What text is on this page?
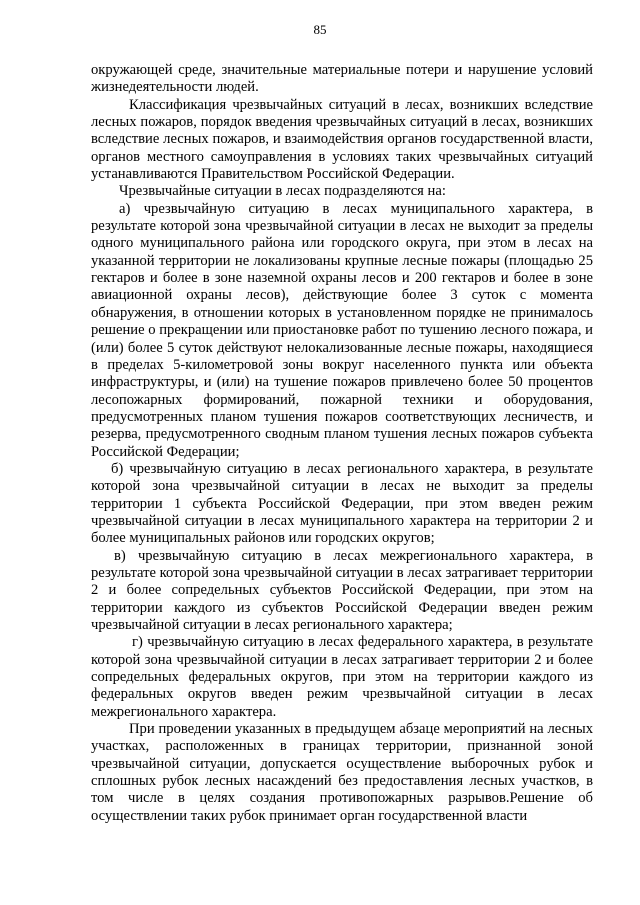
85

окружающей среде, значительные материальные потери и нарушение условий жизнедеятельности людей.

Классификация чрезвычайных ситуаций в лесах, возникших вследствие лесных пожаров, порядок введения чрезвычайных ситуаций в лесах, возникших вследствие лесных пожаров, и взаимодействия органов государственной власти, органов местного самоуправления в условиях таких чрезвычайных ситуаций устанавливаются Правительством Российской Федерации.

Чрезвычайные ситуации в лесах подразделяются на:

а) чрезвычайную ситуацию в лесах муниципального характера, в результате которой зона чрезвычайной ситуации в лесах не выходит за пределы одного муниципального района или городского округа, при этом в лесах на указанной территории не локализованы крупные лесные пожары (площадью 25 гектаров и более в зоне наземной охраны лесов и 200 гектаров и более в зоне авиационной охраны лесов), действующие более 3 суток с момента обнаружения, в отношении которых в установленном порядке не принималось решение о прекращении или приостановке работ по тушению лесного пожара, и (или) более 5 суток действуют нелокализованные лесные пожары, находящиеся в пределах 5-километровой зоны вокруг населенного пункта или объекта инфраструктуры, и (или) на тушение пожаров привлечено более 50 процентов лесопожарных формирований, пожарной техники и оборудования, предусмотренных планом тушения пожаров соответствующих лесничеств, и резерва, предусмотренного сводным планом тушения лесных пожаров субъекта Российской Федерации;

б) чрезвычайную ситуацию в лесах регионального характера, в результате которой зона чрезвычайной ситуации в лесах не выходит за пределы территории 1 субъекта Российской Федерации, при этом введен режим чрезвычайной ситуации в лесах муниципального характера на территории 2 и более муниципальных районов или городских округов;

в) чрезвычайную ситуацию в лесах межрегионального характера, в результате которой зона чрезвычайной ситуации в лесах затрагивает территории 2 и более сопредельных субъектов Российской Федерации, при этом на территории каждого из субъектов Российской Федерации введен режим чрезвычайной ситуации в лесах регионального характера;

г) чрезвычайную ситуацию в лесах федерального характера, в результате которой зона чрезвычайной ситуации в лесах затрагивает территории 2 и более сопредельных федеральных округов, при этом на территории каждого из федеральных округов введен режим чрезвычайной ситуации в лесах межрегионального характера.

При проведении указанных в предыдущем абзаце мероприятий на лесных участках, расположенных в границах территории, признанной зоной чрезвычайной ситуации, допускается осуществление выборочных рубок и сплошных рубок лесных насаждений без предоставления лесных участков, в том числе в целях создания противопожарных разрывов.Решение об осуществлении таких рубок принимает орган государственной власти
